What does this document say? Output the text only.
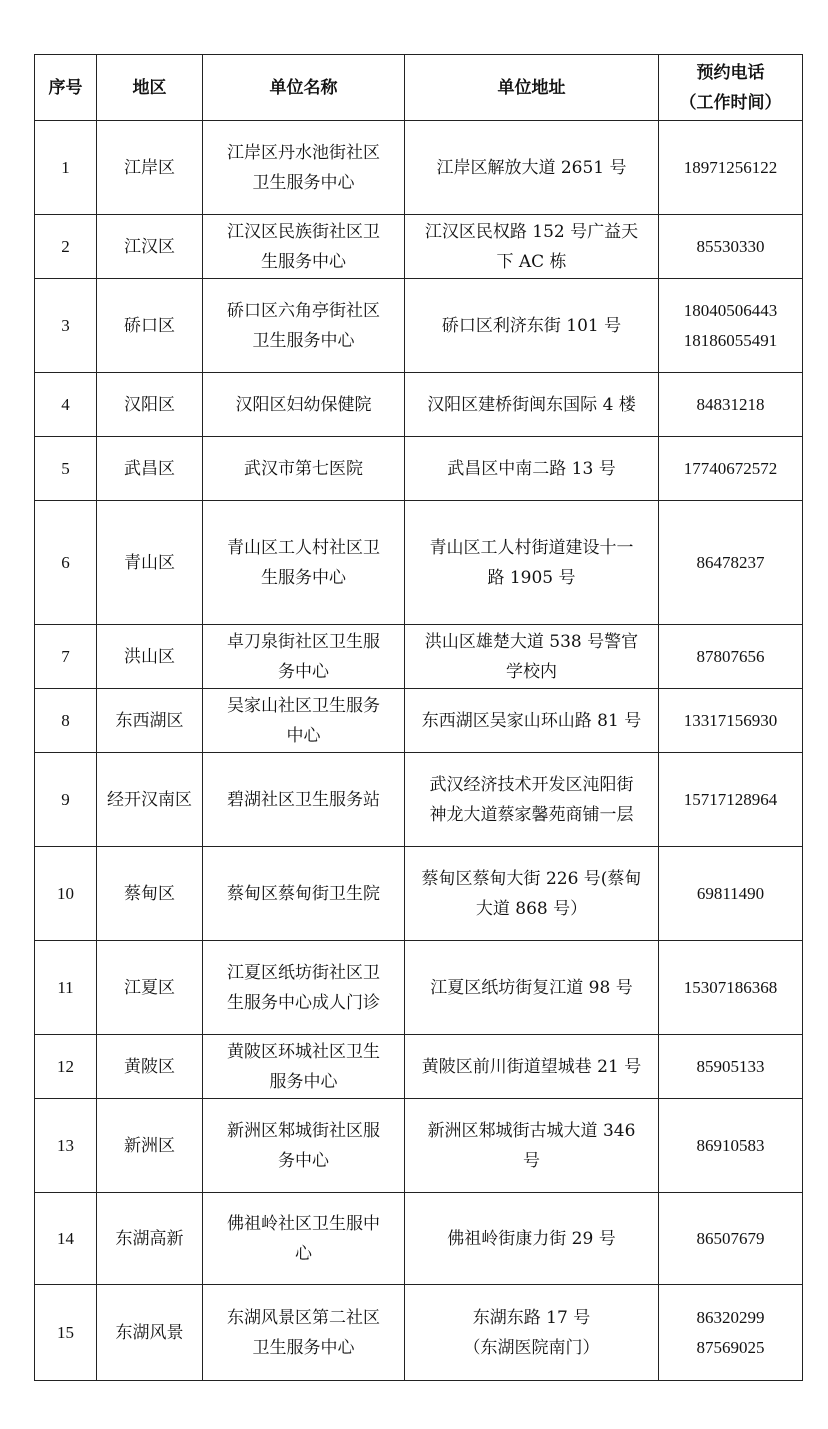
序号	地区	单位名称	单位地址	预约电话
（工作时间）

1	江岸区	江岸区丹水池街社区
卫生服务中心	江岸区解放大道 2651 号	18971256122

2	江汉区	江汉区民族街社区卫
生服务中心	江汉区民权路 152 号广益天
下 AC 栋	85530330

3	硚口区	硚口区六角亭街社区
卫生服务中心	硚口区利济东街 101 号	18040506443
18186055491

4	汉阳区	汉阳区妇幼保健院	汉阳区建桥街闽东国际 4 楼	84831218

5	武昌区	武汉市第七医院	武昌区中南二路 13 号	17740672572

6	青山区	青山区工人村社区卫
生服务中心	青山区工人村街道建设十一
路 1905 号	86478237

7	洪山区	卓刀泉街社区卫生服
务中心	洪山区雄楚大道 538 号警官
学校内	87807656

8	东西湖区	吴家山社区卫生服务
中心	东西湖区吴家山环山路 81 号	13317156930

9	经开汉南区	碧湖社区卫生服务站	武汉经济技术开发区沌阳街
神龙大道蔡家馨苑商铺一层	15717128964

10	蔡甸区	蔡甸区蔡甸街卫生院	蔡甸区蔡甸大街 226 号(蔡甸
大道 868 号）	69811490

11	江夏区	江夏区纸坊街社区卫
生服务中心成人门诊	江夏区纸坊街复江道 98 号	15307186368

12	黄陂区	黄陂区环城社区卫生
服务中心	黄陂区前川街道望城巷 21 号	85905133

13	新洲区	新洲区邾城街社区服
务中心	新洲区邾城街古城大道 346
号	86910583

14	东湖高新	佛祖岭社区卫生服中
心	佛祖岭街康力街 29 号	86507679

15	东湖风景	东湖风景区第二社区
卫生服务中心	东湖东路 17 号
（东湖医院南门）	86320299
87569025
